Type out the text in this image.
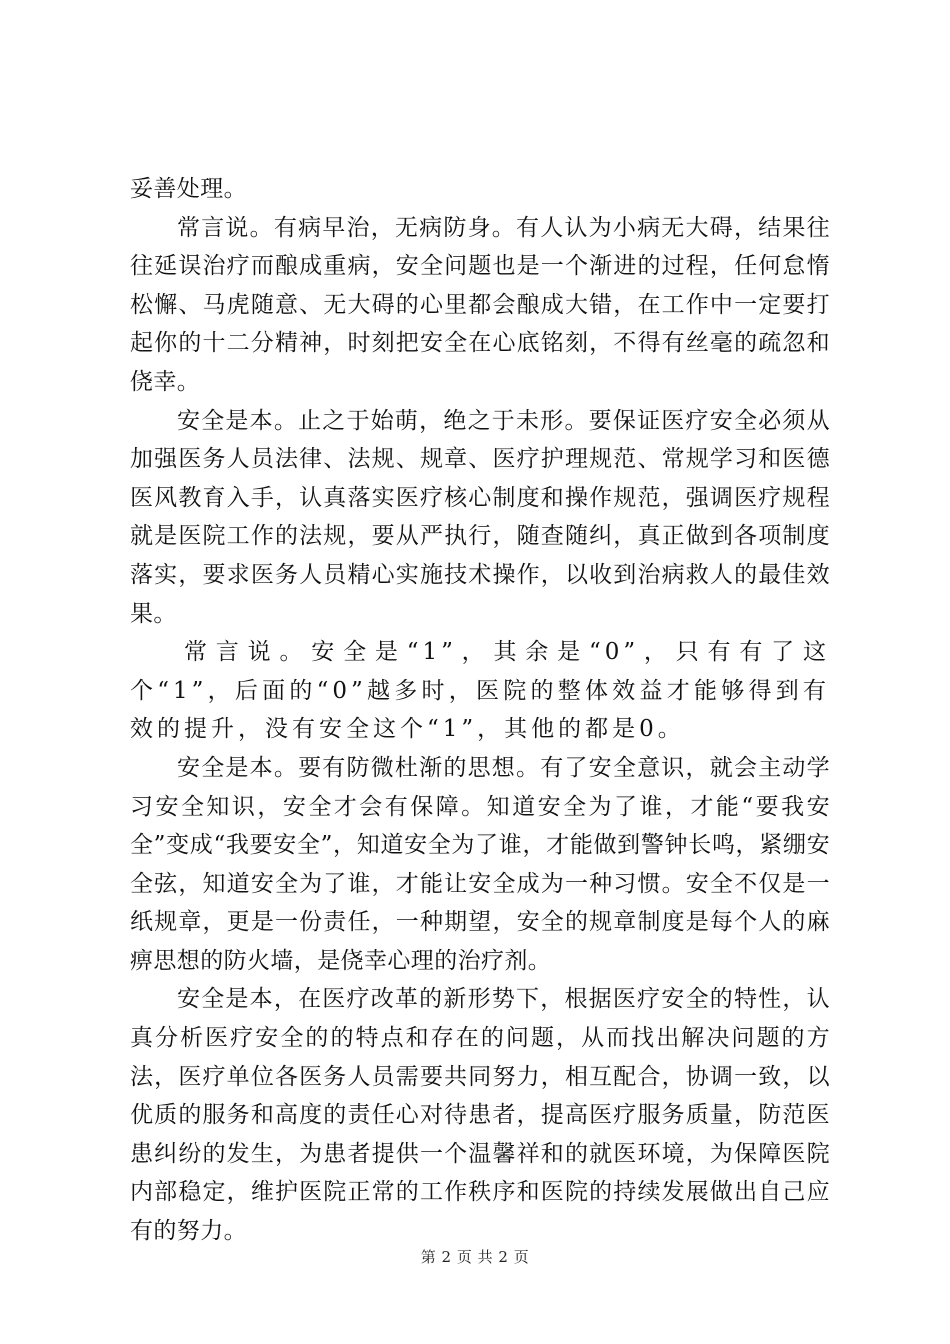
妥善处理。

常言说。有病早治，无病防身。有人认为小病无大碍，结果往往延误治疗而酿成重病，安全问题也是一个渐进的过程，任何怠惰松懈、马虎随意、无大碍的心里都会酿成大错，在工作中一定要打起你的十二分精神，时刻把安全在心底铭刻，不得有丝毫的疏忽和侥幸。

安全是本。止之于始萌，绝之于未形。要保证医疗安全必须从加强医务人员法律、法规、规章、医疗护理规范、常规学习和医德医风教育入手，认真落实医疗核心制度和操作规范，强调医疗规程就是医院工作的法规，要从严执行，随查随纠，真正做到各项制度落实，要求医务人员精心实施技术操作，以收到治病救人的最佳效果。

常言说。安全是“1”，其余是“0”，只有有了这个“1”，后面的“0”越多时，医院的整体效益才能够得到有效的提升，没有安全这个“1”，其他的都是0。

安全是本。要有防微杜渐的思想。有了安全意识，就会主动学习安全知识，安全才会有保障。知道安全为了谁，才能“要我安全”变成“我要安全”，知道安全为了谁，才能做到警钟长鸣，紧绷安全弦，知道安全为了谁，才能让安全成为一种习惯。安全不仅是一纸规章，更是一份责任，一种期望，安全的规章制度是每个人的麻痹思想的防火墙，是侥幸心理的治疗剂。

安全是本，在医疗改革的新形势下，根据医疗安全的特性，认真分析医疗安全的的特点和存在的问题，从而找出解决问题的方法，医疗单位各医务人员需要共同努力，相互配合，协调一致，以优质的服务和高度的责任心对待患者，提高医疗服务质量，防范医患纠纷的发生，为患者提供一个温馨祥和的就医环境，为保障医院内部稳定，维护医院正常的工作秩序和医院的持续发展做出自己应有的努力。

第 2 页 共 2 页
